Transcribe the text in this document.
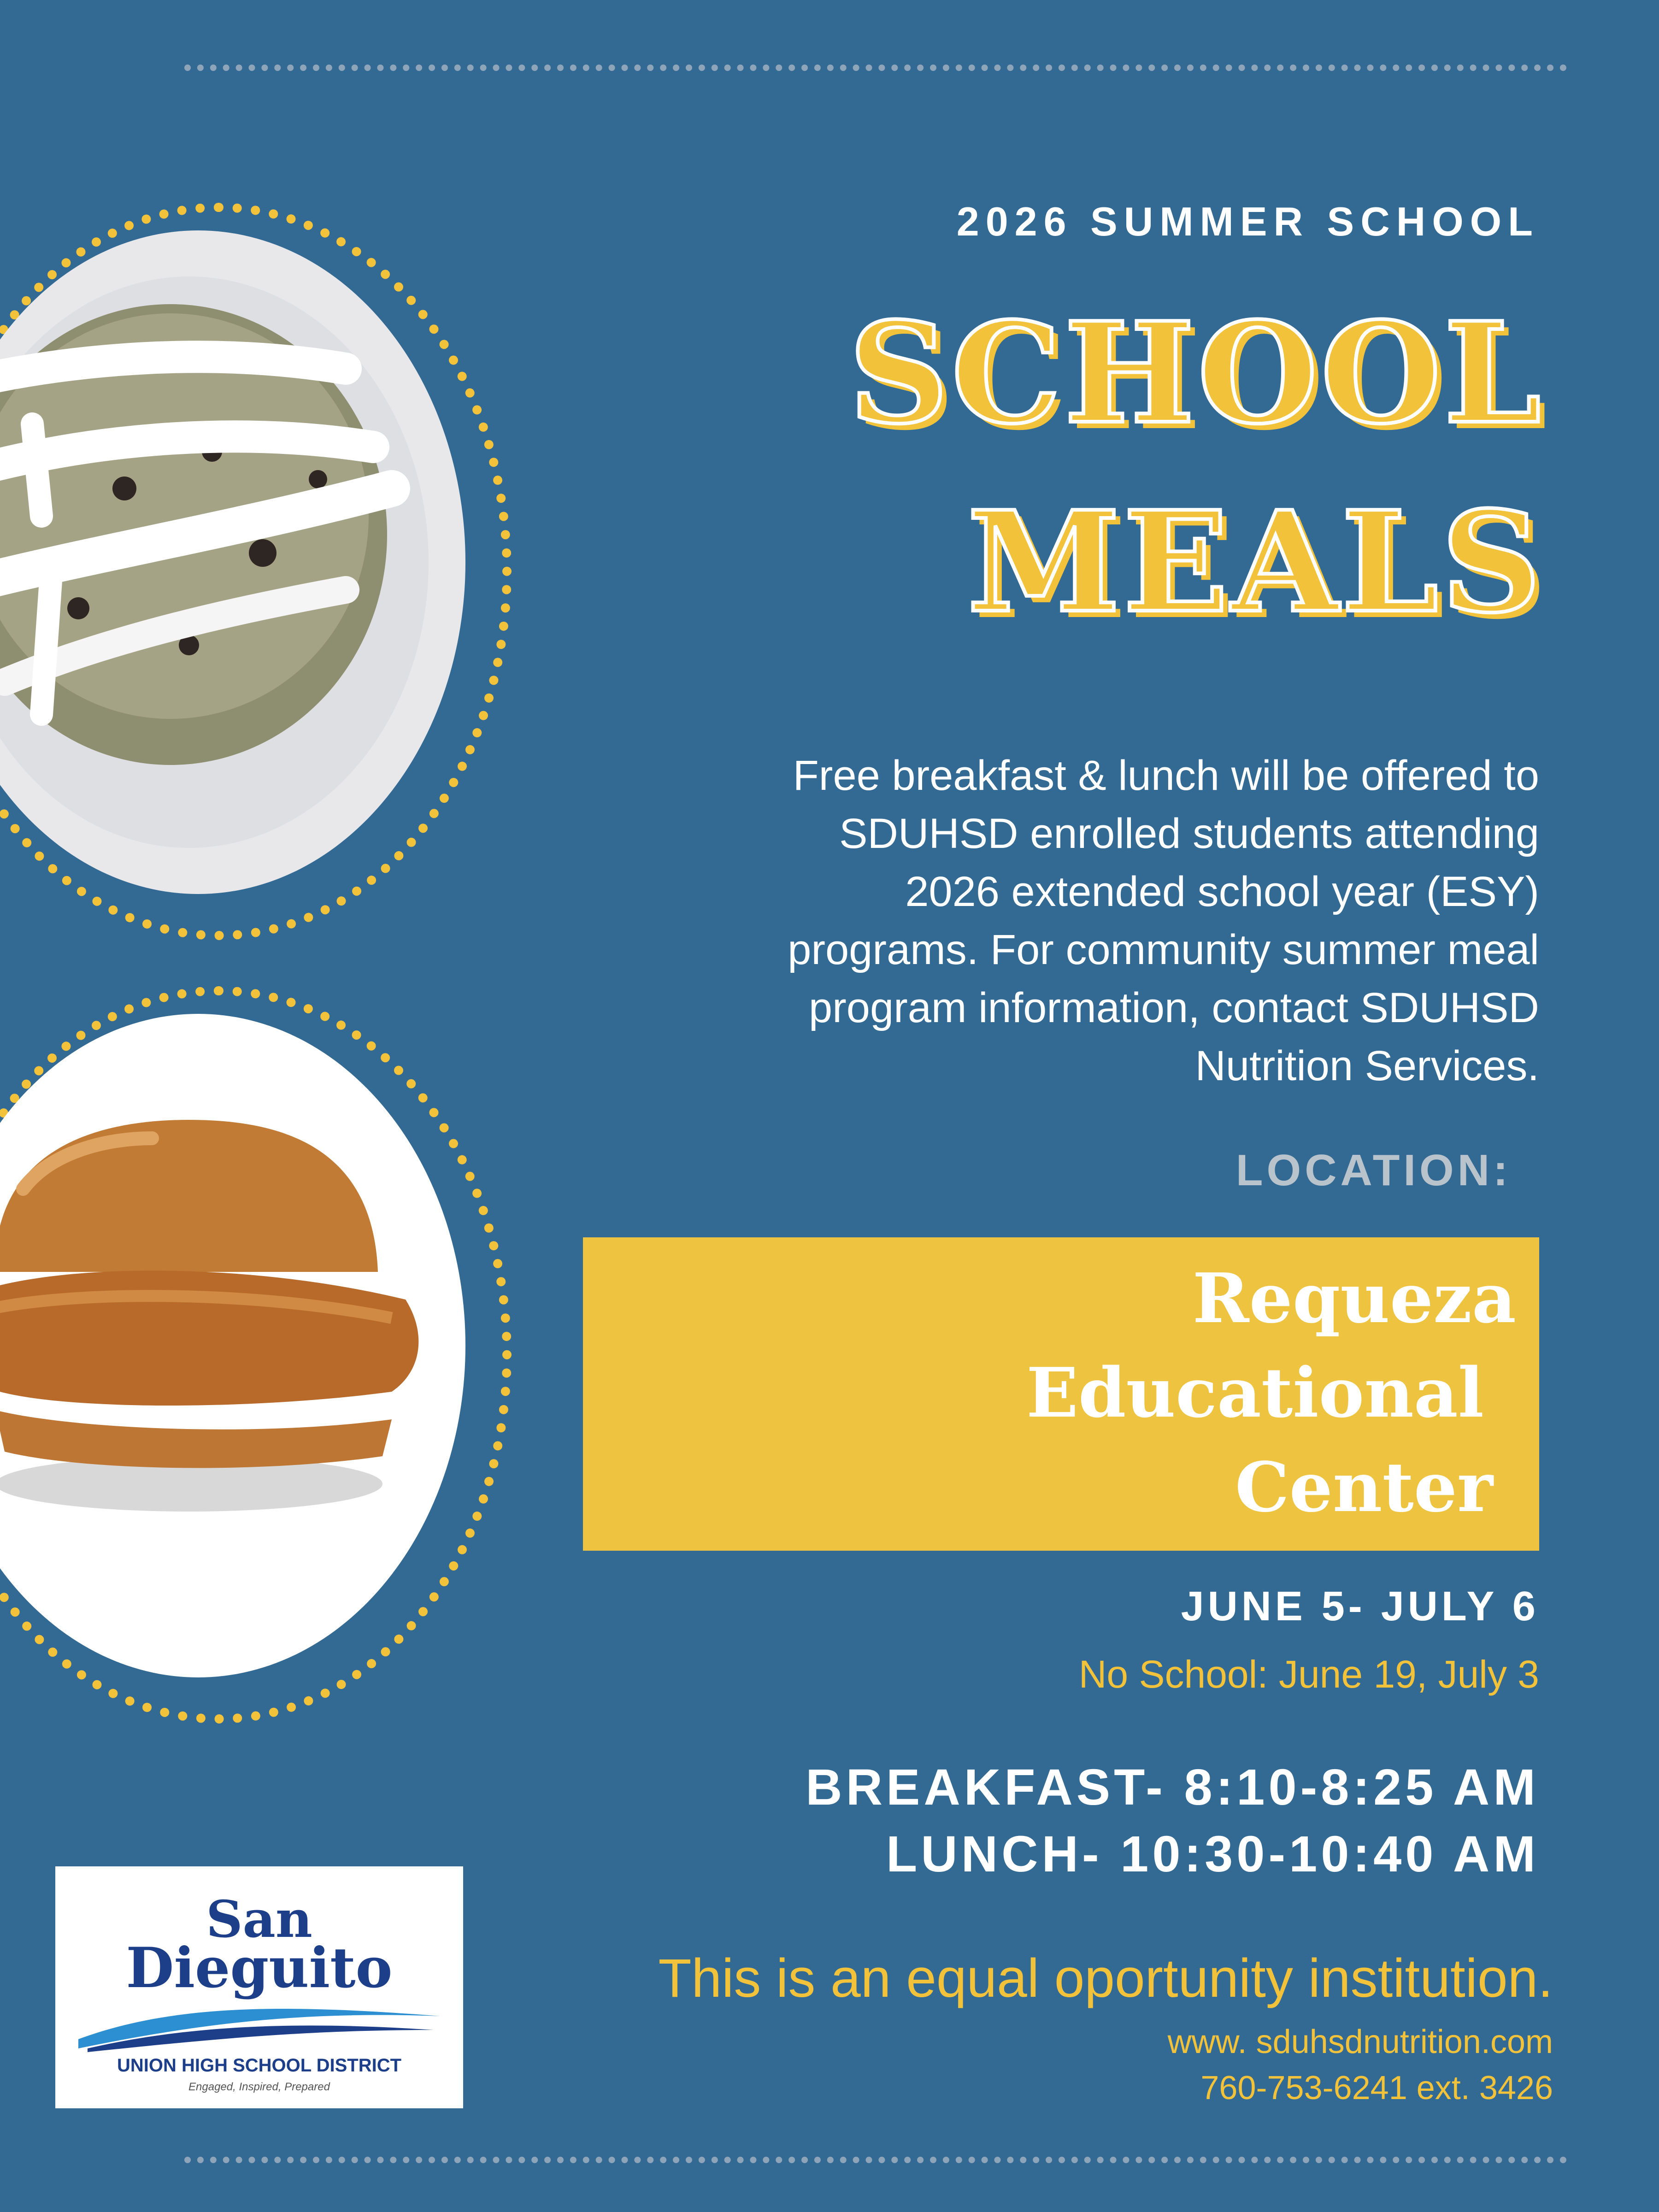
2026 SUMMER SCHOOL
SCHOOL
MEALS

Free breakfast & lunch will be offered to
SDUHSD enrolled students attending
2026 extended school year (ESY)
programs. For community summer meal
program information, contact SDUHSD
Nutrition Services.

LOCATION:
Requeza
Educational
Center
JUNE 5- JULY 6
No School: June 19, July 3
BREAKFAST- 8:10-8:25 AM
LUNCH- 10:30-10:40 AM
San
Dieguito
UNION HIGH SCHOOL DISTRICT
Engaged, Inspired, Prepared
This is an equal oportunity institution.
www. sduhsdnutrition.com
760-753-6241 ext. 3426
